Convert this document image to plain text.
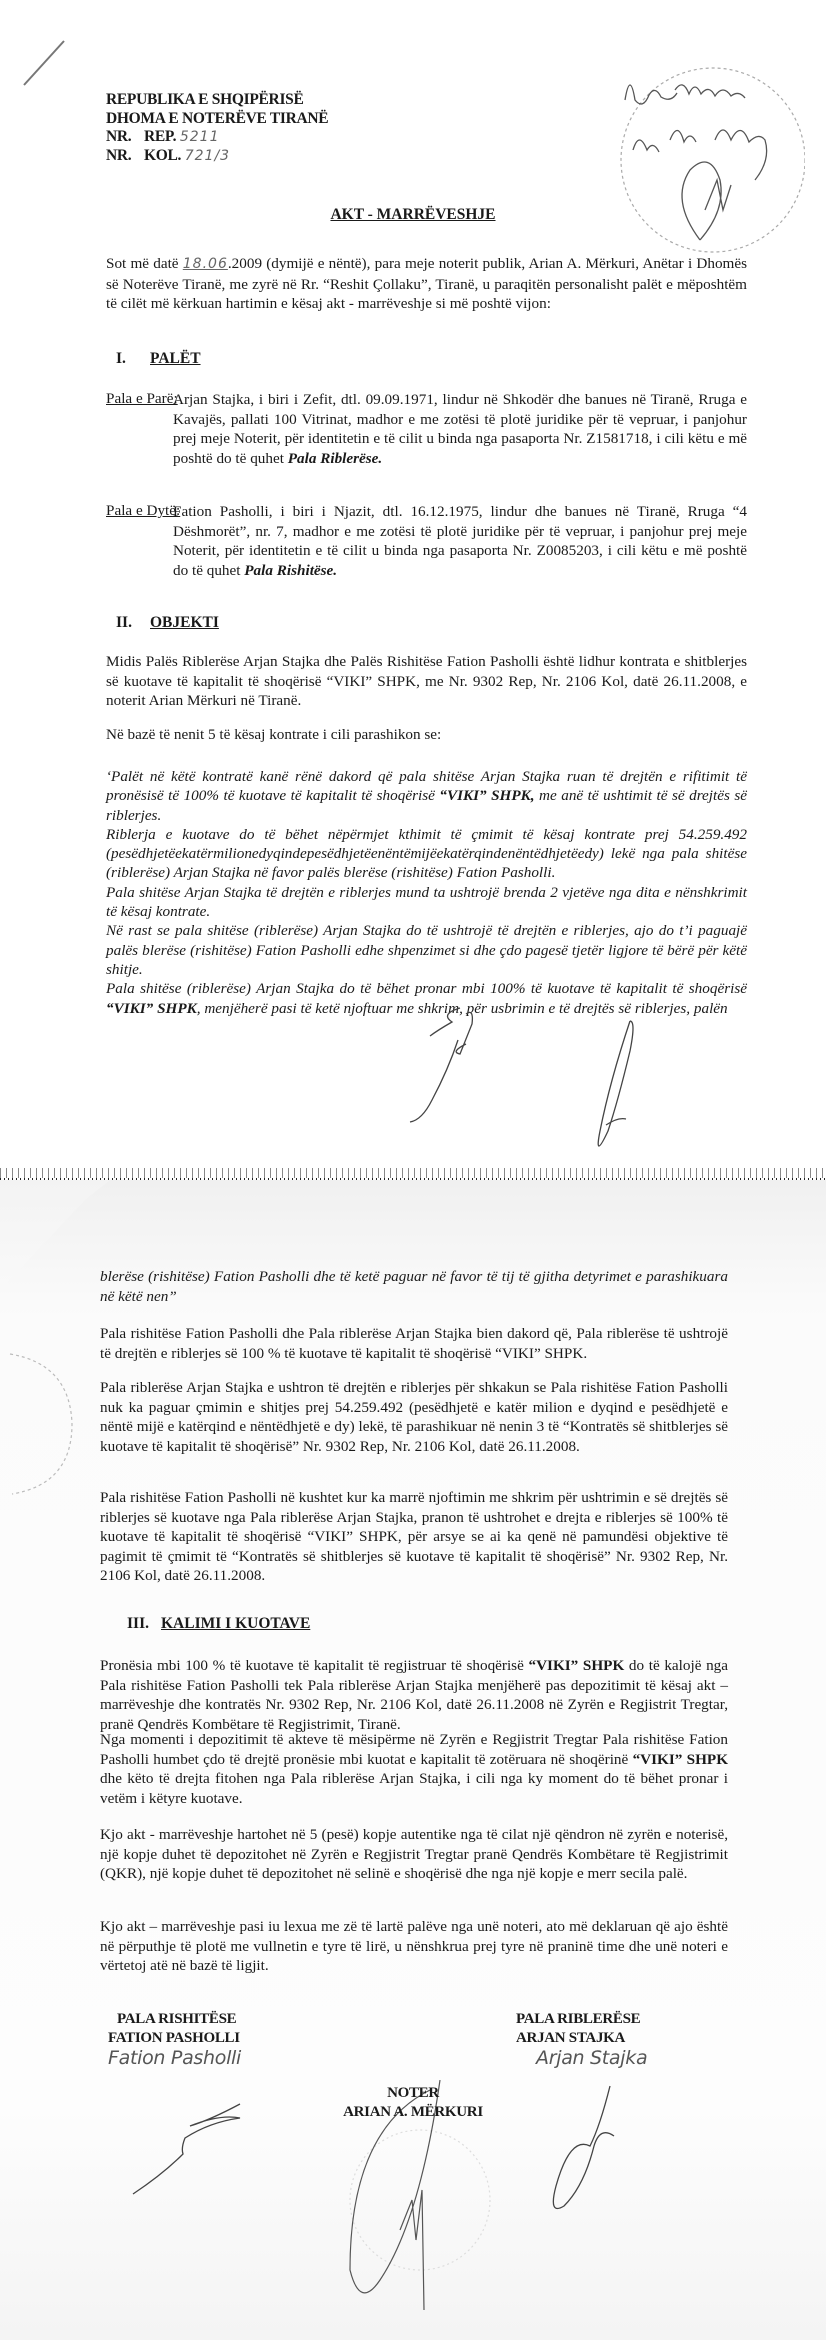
REPUBLIKA E SHQIPËRISË
DHOMA E NOTERËVE TIRANË
NR. REP. 5211
NR. KOL. 721/3
AKT - MARRËVESHJE
Sot më datë 18.06.2009 (dymijë e nëntë), para meje noterit publik, Arian A. Mërkuri, Anëtar i Dhomës së Noterëve Tiranë, me zyrë në Rr. “Reshit Çollaku”, Tiranë, u paraqitën personalisht palët e mëposhtëm të cilët më kërkuan hartimin e kësaj akt - marrëveshje si më poshtë vijon:
I. PALËT
Pala e Parë:
Arjan Stajka, i biri i Zefit, dtl. 09.09.1971, lindur në Shkodër dhe banues në Tiranë, Rruga e Kavajës, pallati 100 Vitrinat, madhor e me zotësi të plotë juridike për të vepruar, i panjohur prej meje Noterit, për identitetin e të cilit u binda nga pasaporta Nr. Z1581718, i cili këtu e më poshtë do të quhet Pala Riblerëse.
Pala e Dytë:
Fation Pasholli, i biri i Njazit, dtl. 16.12.1975, lindur dhe banues në Tiranë, Rruga “4 Dëshmorët”, nr. 7, madhor e me zotësi të plotë juridike për të vepruar, i panjohur prej meje Noterit, për identitetin e të cilit u binda nga pasaporta Nr. Z0085203, i cili këtu e më poshtë do të quhet Pala Rishitëse.
II. OBJEKTI
Midis Palës Riblerëse Arjan Stajka dhe Palës Rishitëse Fation Pasholli është lidhur kontrata e shitblerjes së kuotave të kapitalit të shoqërisë “VIKI” SHPK, me Nr. 9302 Rep, Nr. 2106 Kol, datë 26.11.2008, e noterit Arian Mërkuri në Tiranë.
Në bazë të nenit 5 të kësaj kontrate i cili parashikon se:
‘Palët në këtë kontratë kanë rënë dakord që pala shitëse Arjan Stajka ruan të drejtën e rifitimit të pronësisë të 100% të kuotave të kapitalit të shoqërisë “VIKI” SHPK, me anë të ushtimit të së drejtës së riblerjes.
Riblerja e kuotave do të bëhet nëpërmjet kthimit të çmimit të kësaj kontrate prej 54.259.492 (pesëdhjetëekatërmilionedyqindepesëdhjetëenëntëmijëekatërqindenëntëdhjetëedy) lekë nga pala shitëse (riblerëse) Arjan Stajka në favor palës blerëse (rishitëse) Fation Pasholli.
Pala shitëse Arjan Stajka të drejtën e riblerjes mund ta ushtrojë brenda 2 vjetëve nga dita e nënshkrimit të kësaj kontrate.
Në rast se pala shitëse (riblerëse) Arjan Stajka do të ushtrojë të drejtën e riblerjes, ajo do t’i paguajë palës blerëse (rishitëse) Fation Pasholli edhe shpenzimet si dhe çdo pagesë tjetër ligjore të bërë për këtë shitje.
Pala shitëse (riblerëse) Arjan Stajka do të bëhet pronar mbi 100% të kuotave të kapitalit të shoqërisë “VIKI” SHPK, menjëherë pasi të ketë njoftuar me shkrim, për usbrimin e të drejtës së riblerjes, palën
blerëse (rishitëse) Fation Pasholli dhe të ketë paguar në favor të tij të gjitha detyrimet e parashikuara në këtë nen”
Pala rishitëse Fation Pasholli dhe Pala riblerëse Arjan Stajka bien dakord që, Pala riblerëse të ushtrojë të drejtën e riblerjes së 100 % të kuotave të kapitalit të shoqërisë “VIKI” SHPK.
Pala riblerëse Arjan Stajka e ushtron të drejtën e riblerjes për shkakun se Pala rishitëse Fation Pasholli nuk ka paguar çmimin e shitjes prej 54.259.492 (pesëdhjetë e katër milion e dyqind e pesëdhjetë e nëntë mijë e katërqind e nëntëdhjetë e dy) lekë, të parashikuar në nenin 3 të “Kontratës së shitblerjes së kuotave të kapitalit të shoqërisë” Nr. 9302 Rep, Nr. 2106 Kol, datë 26.11.2008.
Pala rishitëse Fation Pasholli në kushtet kur ka marrë njoftimin me shkrim për ushtrimin e së drejtës së riblerjes së kuotave nga Pala riblerëse Arjan Stajka, pranon të ushtrohet e drejta e riblerjes së 100% të kuotave të kapitalit të shoqërisë “VIKI” SHPK, për arsye se ai ka qenë në pamundësi objektive të pagimit të çmimit të “Kontratës së shitblerjes së kuotave të kapitalit të shoqërisë” Nr. 9302 Rep, Nr. 2106 Kol, datë 26.11.2008.
III. KALIMI I KUOTAVE
Pronësia mbi 100 % të kuotave të kapitalit të regjistruar të shoqërisë “VIKI” SHPK do të kalojë nga Pala rishitëse Fation Pasholli tek Pala riblerëse Arjan Stajka menjëherë pas depozitimit të kësaj akt –marrëveshje dhe kontratës Nr. 9302 Rep, Nr. 2106 Kol, datë 26.11.2008 në Zyrën e Regjistrit Tregtar, pranë Qendrës Kombëtare të Regjistrimit, Tiranë.
Nga momenti i depozitimit të akteve të mësipërme në Zyrën e Regjistrit Tregtar Pala rishitëse Fation Pasholli humbet çdo të drejtë pronësie mbi kuotat e kapitalit të zotëruara në shoqërinë “VIKI” SHPK dhe këto të drejta fitohen nga Pala riblerëse Arjan Stajka, i cili nga ky moment do të bëhet pronar i vetëm i këtyre kuotave.
Kjo akt - marrëveshje hartohet në 5 (pesë) kopje autentike nga të cilat një qëndron në zyrën e noterisë, një kopje duhet të depozitohet në Zyrën e Regjistrit Tregtar pranë Qendrës Kombëtare të Regjistrimit (QKR), një kopje duhet të depozitohet në selinë e shoqërisë dhe nga një kopje e merr secila palë.
Kjo akt – marrëveshje pasi iu lexua me zë të lartë palëve nga unë noteri, ato më deklaruan që ajo është në përputhje të plotë me vullnetin e tyre të lirë, u nënshkrua prej tyre në praninë time dhe unë noteri e vërtetoj atë në bazë të ligjit.
PALA RISHITËSE
FATION PASHOLLI
Fation Pasholli
PALA RIBLERËSE
ARJAN STAJKA
Arjan Stajka
NOTER
ARIAN A. MËRKURI
